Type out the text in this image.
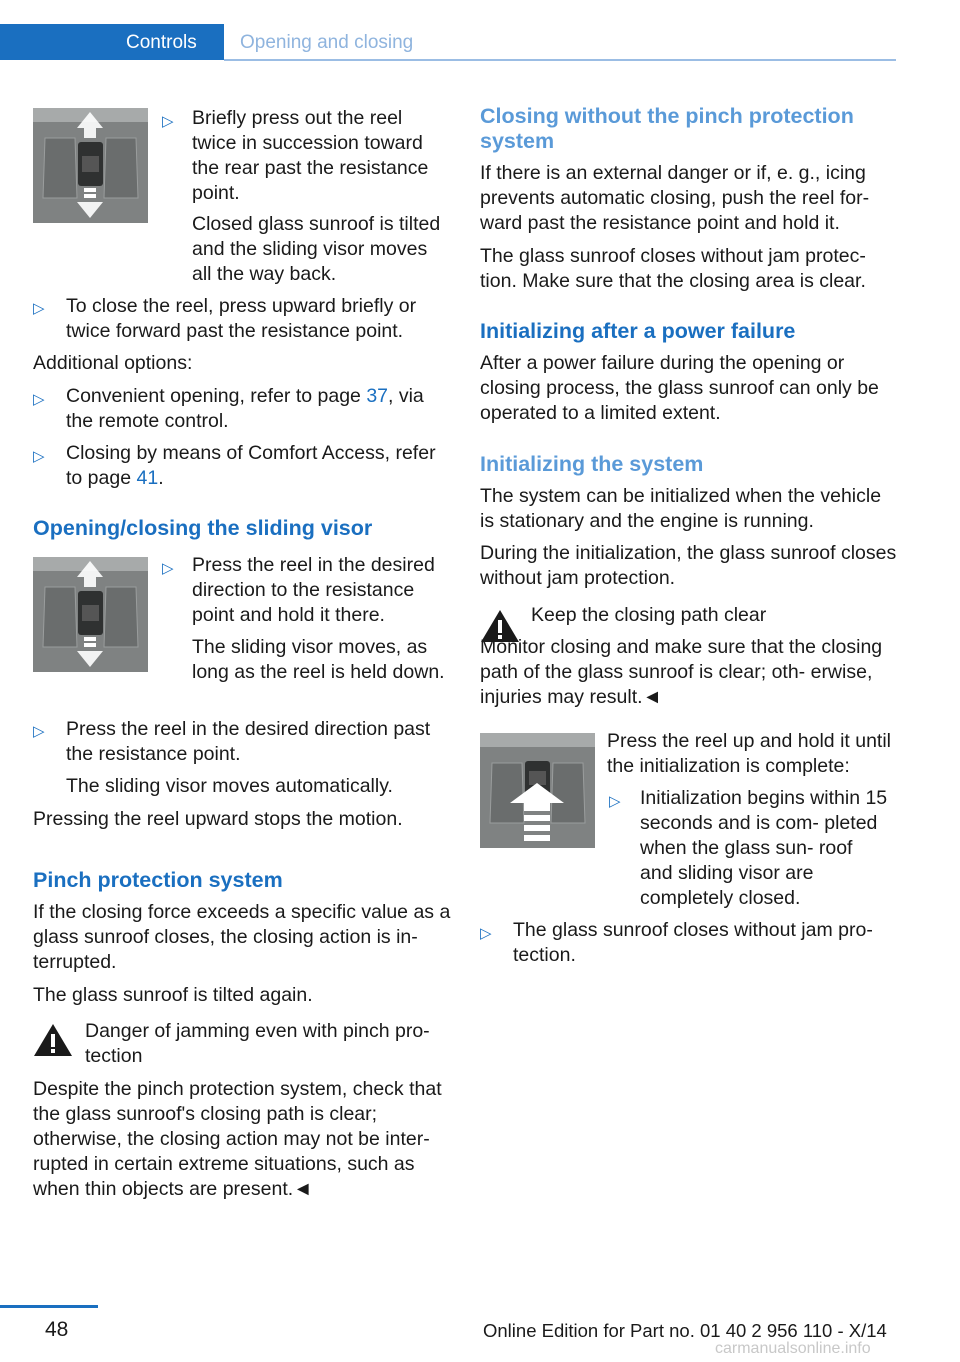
Controls Opening and closing
▷ Briefly press out the reel twice in succession toward the rear past the resistance point.

Closed glass sunroof is tilted and the sliding visor moves all the way back.

▷ To close the reel, press upward briefly or twice forward past the resistance point.

Additional options:

▷ Convenient opening, refer to page 37, via the remote control.

▷ Closing by means of Comfort Access, refer to page 41.

Opening/closing the sliding visor
▷ Press the reel in the desired direction to the resistance point and hold it there.

The sliding visor moves, as long as the reel is held down.

▷ Press the reel in the desired direction past the resistance point.

The sliding visor moves automatically.

Pressing the reel upward stops the motion.

Pinch protection system

If the closing force exceeds a specific value as a glass sunroof closes, the closing action is in- terrupted.

The glass sunroof is tilted again.

Danger of jamming even with pinch pro- tection

Despite the pinch protection system, check that the glass sunroof's closing path is clear; otherwise, the closing action may not be inter- rupted in certain extreme situations, such as when thin objects are present.◄

Closing without the pinch protection system

If there is an external danger or if, e. g., icing prevents automatic closing, push the reel for- ward past the resistance point and hold it.

The glass sunroof closes without jam protec- tion. Make sure that the closing area is clear.

Initializing after a power failure

After a power failure during the opening or closing process, the glass sunroof can only be operated to a limited extent.

Initializing the system

The system can be initialized when the vehicle is stationary and the engine is running.

During the initialization, the glass sunroof closes without jam protection.

Keep the closing path clear

Monitor closing and make sure that the closing path of the glass sunroof is clear; oth- erwise, injuries may result.◄

Press the reel up and hold it until the initialization is complete:

▷ Initialization begins within 15 seconds and is com- pleted when the glass sun- roof and sliding visor are completely closed.

▷ The glass sunroof closes without jam pro- tection.

48	Online Edition for Part no. 01 40 2 956 110 - X/14
carmanualsonline.info
